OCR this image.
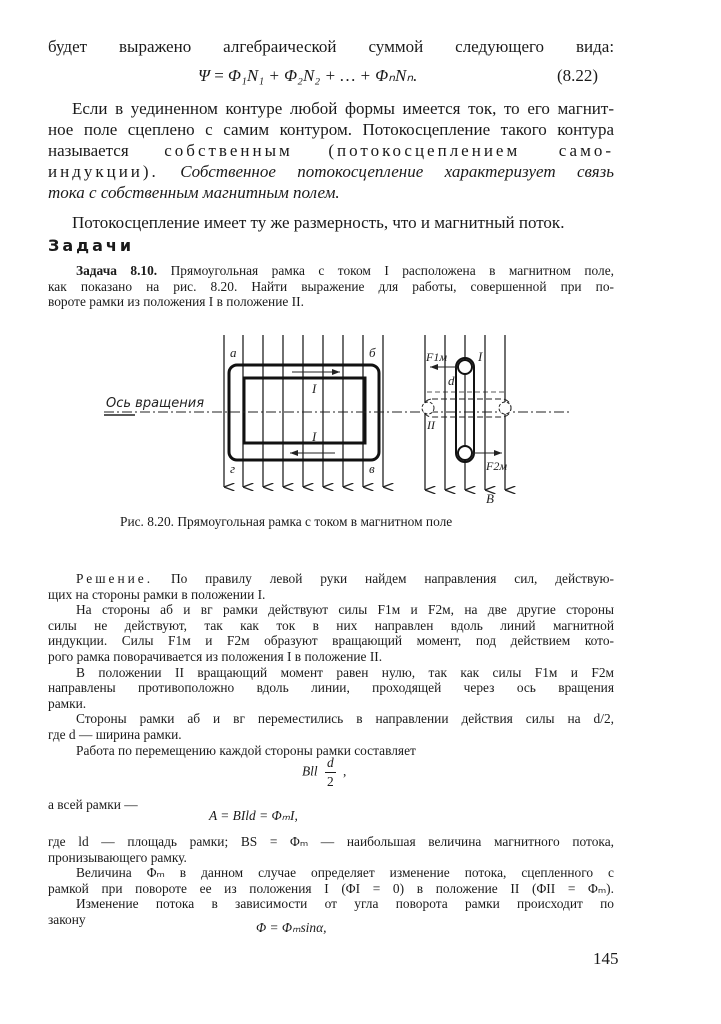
будет выражено алгебраической суммой следующего вида:
Ψ = Φ₁N₁ + Φ₂N₂ + … + ΦₙNₙ.	(8.22)
Если в уединенном контуре любой формы имеется ток, то его магнит-
ное поле сцеплено с самим контуром. Потокосцепление такого контура
называется собственным (потокосцеплением само-
индукции). Собственное потокосцепление характеризует связь
тока с собственным магнитным полем.
Потокосцепление имеет ту же размерность, что и магнитный поток.
Задачи
Задача 8.10. Прямоугольная рамка с током I расположена в магнитном поле,
как показано на рис. 8.20. Найти выражение для работы, совершенной при по-
вороте рамки из положения I в положение II.
Ось вращения
а	б
г	в
I
I
F1м
F2м
d
I
II
B
Рис. 8.20. Прямоугольная рамка с током в магнитном поле
Решение. По правилу левой руки найдем направления сил, действую-
щих на стороны рамки в положении I.
На стороны аб и вг рамки действуют силы F1м и F2м, на две другие стороны
силы не действуют, так как ток в них направлен вдоль линий магнитной
индукции. Силы F1м и F2м образуют вращающий момент, под действием кото-
рого рамка поворачивается из положения I в положение II.
В положении II вращающий момент равен нулю, так как силы F1м и F2м
направлены противоположно вдоль линии, проходящей через ось вращения
рамки.
Стороны рамки аб и вг переместились в направлении действия силы на d/2,
где d — ширина рамки.
Работа по перемещению каждой стороны рамки составляет
Bll $\frac{d}{2}$ ,
а всей рамки —
A = BIld = ΦₘI,
где ld — площадь рамки; BS = Φₘ — наибольшая величина магнитного потока,
пронизывающего рамку.
Величина Φₘ в данном случае определяет изменение потока, сцепленного с
рамкой при повороте ее из положения I (ΦI = 0) в положение II (ΦII = Φₘ).
Изменение потока в зависимости от угла поворота рамки происходит по
закону
Φ = Φₘsinα,
145
